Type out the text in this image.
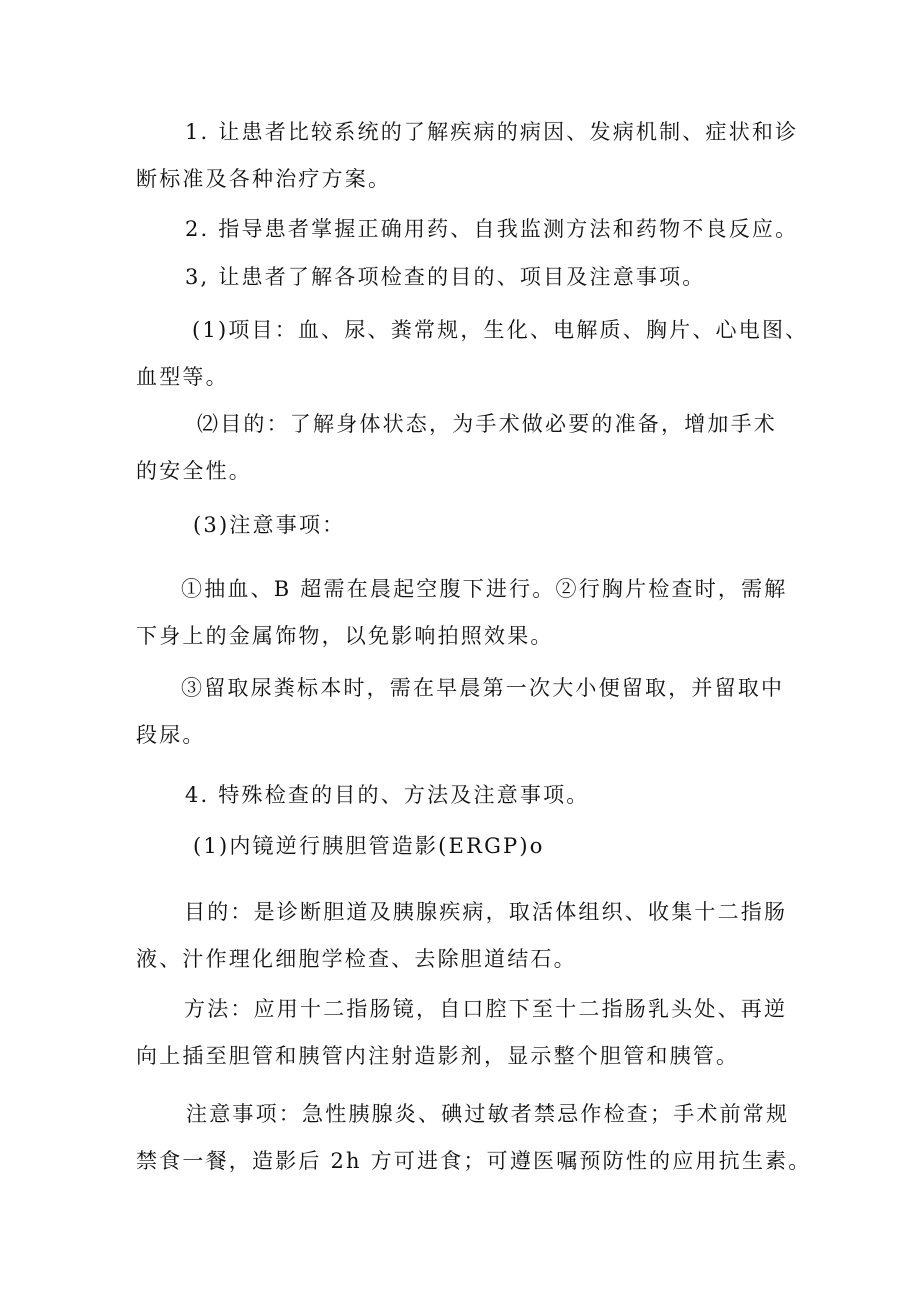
1. 让患者比较系统的了解疾病的病因、发病机制、症状和诊
断标准及各种治疗方案。
2. 指导患者掌握正确用药、自我监测方法和药物不良反应。
3, 让患者了解各项检查的目的、项目及注意事项。
(1)项目：血、尿、粪常规，生化、电解质、胸片、心电图、
血型等。
⑵目的：了解身体状态，为手术做必要的准备，增加手术
的安全性。
(3)注意事项：
①抽血、B 超需在晨起空腹下进行。②行胸片检查时，需解
下身上的金属饰物，以免影响拍照效果。
③留取尿粪标本时，需在早晨第一次大小便留取，并留取中
段尿。
4. 特殊检查的目的、方法及注意事项。
(1)内镜逆行胰胆管造影(ERGP)o
目的：是诊断胆道及胰腺疾病，取活体组织、收集十二指肠
液、汁作理化细胞学检查、去除胆道结石。
方法：应用十二指肠镜，自口腔下至十二指肠乳头处、再逆
向上插至胆管和胰管内注射造影剂，显示整个胆管和胰管。
注意事项：急性胰腺炎、碘过敏者禁忌作检查；手术前常规
禁食一餐，造影后 2h 方可进食；可遵医嘱预防性的应用抗生素。
